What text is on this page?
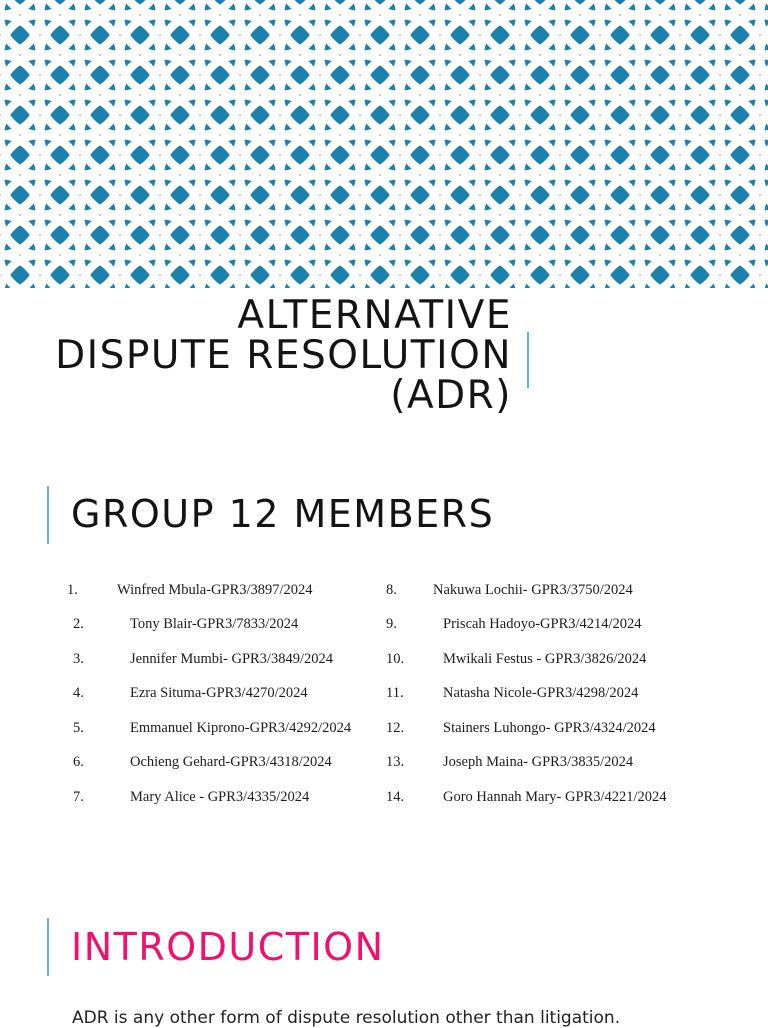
ALTERNATIVE
DISPUTE RESOLUTION
(ADR)
GROUP 12 MEMBERS
1.	Winfred Mbula-GPR3/3897/2024
2.	Tony Blair-GPR3/7833/2024
3.	Jennifer Mumbi- GPR3/3849/2024
4.	Ezra Situma-GPR3/4270/2024
5.	Emmanuel Kiprono-GPR3/4292/2024
6.	Ochieng Gehard-GPR3/4318/2024
7.	Mary Alice - GPR3/4335/2024
8. Nakuwa Lochii- GPR3/3750/2024
9.	Priscah Hadoyo-GPR3/4214/2024
10.	Mwikali Festus - GPR3/3826/2024
11.	Natasha Nicole-GPR3/4298/2024
12.	Stainers Luhongo- GPR3/4324/2024
13.	Joseph Maina- GPR3/3835/2024
14.	Goro Hannah Mary- GPR3/4221/2024
INTRODUCTION
ADR is any other form of dispute resolution other than litigation.
